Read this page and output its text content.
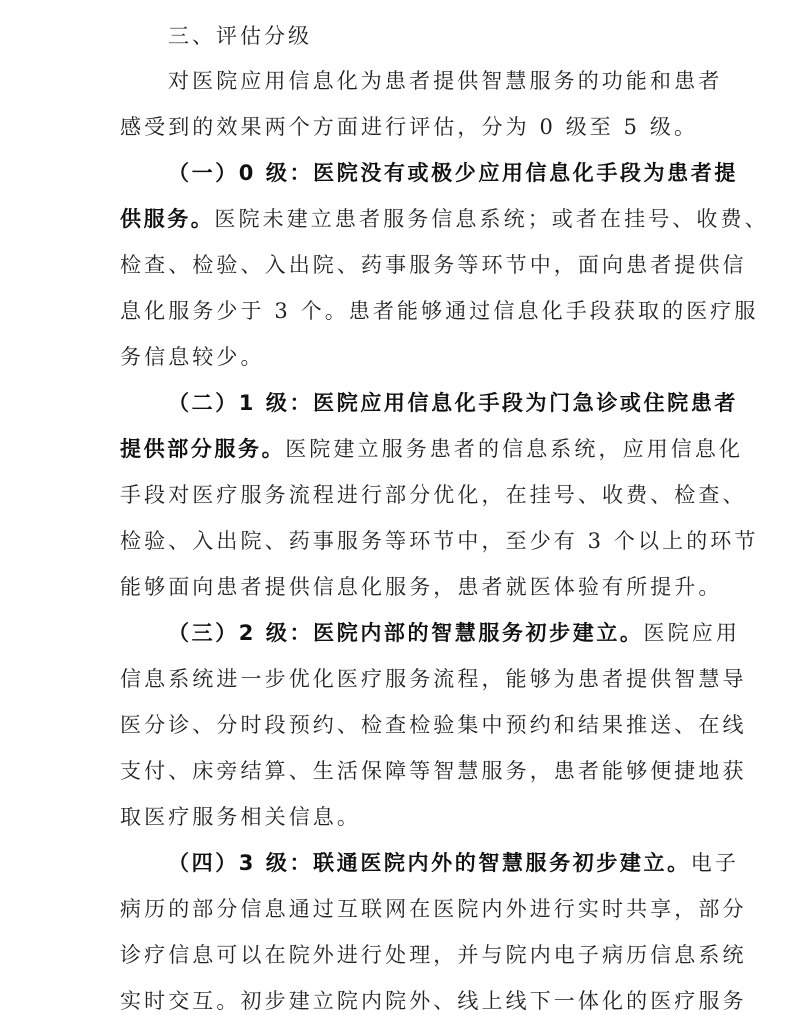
三、评估分级
对医院应用信息化为患者提供智慧服务的功能和患者
感受到的效果两个方面进行评估，分为 0 级至 5 级。
（一）0 级：医院没有或极少应用信息化手段为患者提
供服务。医院未建立患者服务信息系统；或者在挂号、收费、
检查、检验、入出院、药事服务等环节中，面向患者提供信
息化服务少于 3 个。患者能够通过信息化手段获取的医疗服
务信息较少。
（二）1 级：医院应用信息化手段为门急诊或住院患者
提供部分服务。医院建立服务患者的信息系统，应用信息化
手段对医疗服务流程进行部分优化，在挂号、收费、检查、
检验、入出院、药事服务等环节中，至少有 3 个以上的环节
能够面向患者提供信息化服务，患者就医体验有所提升。
（三）2 级：医院内部的智慧服务初步建立。医院应用
信息系统进一步优化医疗服务流程，能够为患者提供智慧导
医分诊、分时段预约、检查检验集中预约和结果推送、在线
支付、床旁结算、生活保障等智慧服务，患者能够便捷地获
取医疗服务相关信息。
（四）3 级：联通医院内外的智慧服务初步建立。电子
病历的部分信息通过互联网在医院内外进行实时共享，部分
诊疗信息可以在院外进行处理，并与院内电子病历信息系统
实时交互。初步建立院内院外、线上线下一体化的医疗服务
